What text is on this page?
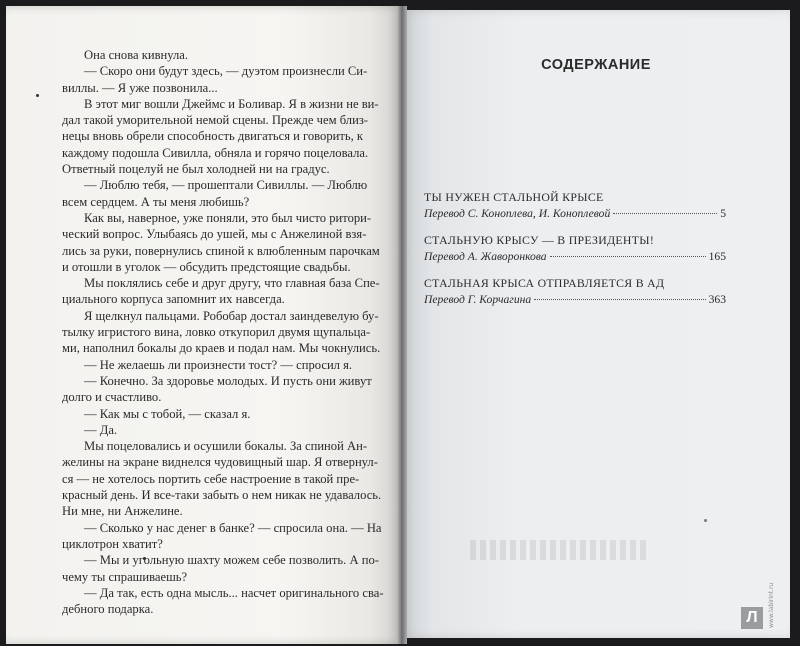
Она снова кивнула.
— Скоро они будут здесь, — дуэтом произнесли Си-
виллы. — Я уже позвонила...
В этот миг вошли Джеймс и Боливар. Я в жизни не ви-
дал такой уморительной немой сцены. Прежде чем близ-
нецы вновь обрели способность двигаться и говорить, к
каждому подошла Сивилла, обняла и горячо поцеловала.
Ответный поцелуй не был холодней ни на градус.
— Люблю тебя, — прошептали Сивиллы. — Люблю
всем сердцем. А ты меня любишь?
Как вы, наверное, уже поняли, это был чисто ритори-
ческий вопрос. Улыбаясь до ушей, мы с Анжелиной взя-
лись за руки, повернулись спиной к влюбленным парочкам
и отошли в уголок — обсудить предстоящие свадьбы.
Мы поклялись себе и друг другу, что главная база Спе-
циального корпуса запомнит их навсегда.
Я щелкнул пальцами. Робобар достал заиндевелую бу-
тылку игристого вина, ловко откупорил двумя щупальца-
ми, наполнил бокалы до краев и подал нам. Мы чокнулись.
— Не желаешь ли произнести тост? — спросил я.
— Конечно. За здоровье молодых. И пусть они живут
долго и счастливо.
— Как мы с тобой, — сказал я.
— Да.
Мы поцеловались и осушили бокалы. За спиной Ан-
желины на экране виднелся чудовищный шар. Я отвернул-
ся — не хотелось портить себе настроение в такой пре-
красный день. И все-таки забыть о нем никак не удавалось.
Ни мне, ни Анжелине.
— Сколько у нас денег в банке? — спросила она. — На
циклотрон хватит?
— Мы и угольную шахту можем себе позволить. А по-
чему ты спрашиваешь?
— Да так, есть одна мысль... насчет оригинального сва-
дебного подарка.
СОДЕРЖАНИЕ
ТЫ НУЖЕН СТАЛЬНОЙ КРЫСЕ
Перевод С. Коноплева, И. Коноплевой	5
СТАЛЬНУЮ КРЫСУ — В ПРЕЗИДЕНТЫ!
Перевод А. Жаворонкова	165
СТАЛЬНАЯ КРЫСА ОТПРАВЛЯЕТСЯ В АД
Перевод Г. Корчагина	363
Л	www.labirint.ru
